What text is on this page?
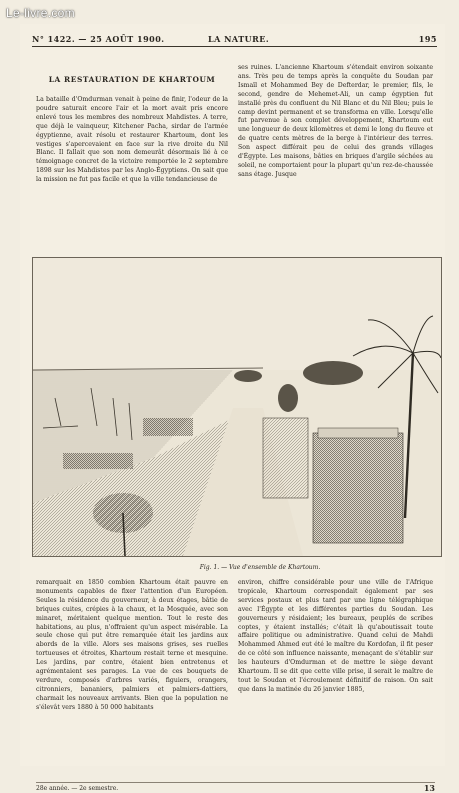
Le-livre.com
N° 1422. — 25 AOÛT 1900.	LA NATURE.	195
LA RESTAURATION DE KHARTOUM

La bataille d'Omdurman venait à peine de finir, l'odeur de la poudre saturait encore l'air et la mort avait pris encore enlevé tous les membres des nombreux Mahdistes. A terre, que déjà le vainqueur, Kitchener Pacha, sirdar de l'armée égyptienne, avait résolu et restaurer Khartoum, dont les vestiges s'apercevaient en face sur la rive droite du Nil Blanc. Il fallait que son nom demeurât désormais lié à ce témoignage concret de la victoire remportée le 2 septembre 1898 sur les Mahdistes par les Anglo-Égyptiens. On sait que la mission ne fut pas facile et que la ville tendancieuse de

ses ruines. L'ancienne Khartoum s'étendait environ soixante ans. Très peu de temps après la conquête du Soudan par Ismaïl et Mohammed Bey de Defterdar, le premier, fils, le second, gendre de Mehemet-Ali, un camp égyptien fut installé près du confluent du Nil Blanc et du Nil Bleu; puis le camp devint permanent et se transforma en ville. Lorsqu'elle fut parvenue à son complet développement, Khartoum eut une longueur de deux kilomètres et demi le long du fleuve et de quatre cents mètres de la berge à l'intérieur des terres. Son aspect différait peu de celui des grands villages d'Égypte. Les maisons, bâties en briques d'argile séchées au soleil, ne comportaient pour la plupart qu'un rez-de-chaussée sans étage. Jusque

Fig. 1. — Vue d'ensemble de Khartoum.

remarquait en 1850 combien Khartoum était pauvre en monuments capables de fixer l'attention d'un Européen. Seules la résidence du gouverneur, à deux étages, bâtie de briques cuites, crépies à la chaux, et la Mosquée, avec son minaret, méritaient quelque mention. Tout le reste des habitations, au plus, n'offraient qu'un aspect misérable. La seule chose qui put être remarquée était les jardins aux abords de la ville. Alors ses maisons grises, ses ruelles tortueuses et étroites, Khartoum restait terne et mesquine. Les jardins, par contre, étaient bien entretenus et agrémentaient ses parages. La vue de ces bouquets de verdure, composés d'arbres variés, figuiers, orangers, citronniers, bananiers, palmiers et palmiers-dattiers, charmait les nouveaux arrivants. Bien que la population ne s'élevât vers 1880 à 50 000 habitants

environ, chiffre considérable pour une ville de l'Afrique tropicale, Khartoum correspondait également par ses services postaux et plus tard par une ligne télégraphique avec l'Égypte et les différentes parties du Soudan. Les gouverneurs y résidaient; les bureaux, peuplés de scribes coptes, y étaient installés; c'était là qu'aboutissait toute affaire politique ou administrative. Quand celui de Mahdi Mohammed Ahmed eut été le maître du Kordofan, il fit peser de ce côté son influence naissante, menaçant de s'établir sur les hauteurs d'Omdurman et de mettre le siège devant Khartoum. Il se dit que cette ville prise, il serait le maître de tout le Soudan et l'écroulement définitif de raison. On sait que dans la matinée du 26 janvier 1885,

28e année. — 2e semestre.	13
